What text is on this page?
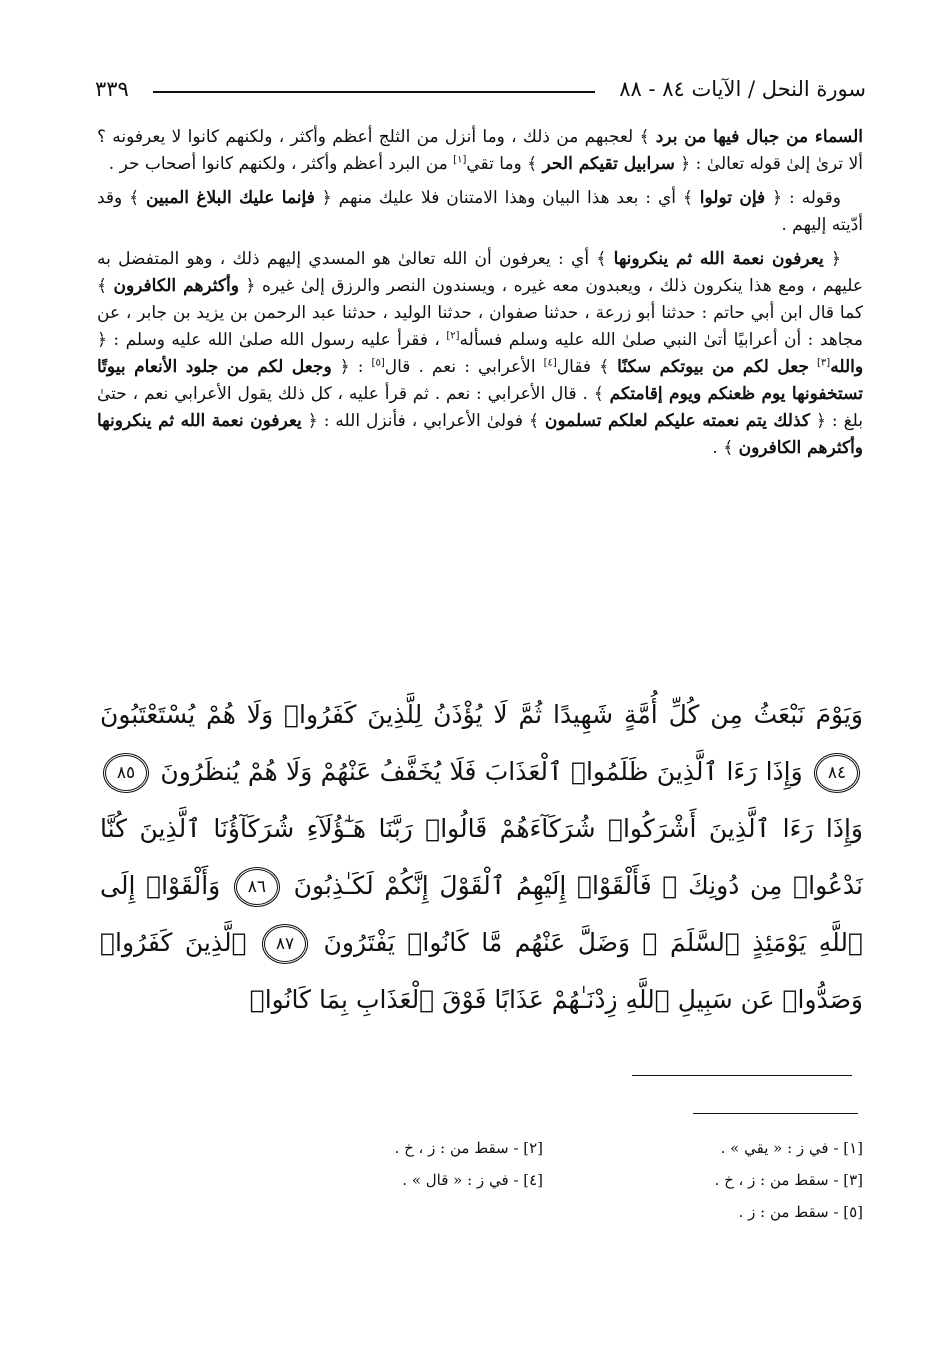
سورة النحل / الآيات ٨٤ - ٨٨
٣٣٩

السماء من جبال فيها من برد ﴾ لعجبهم من ذلك ، وما أنزل من الثلج أعظم وأكثر ، ولكنهم كانوا لا يعرفونه ؟ ألا ترىٰ إلىٰ قوله تعالىٰ : ﴿ سرابيل تقيكم الحر ﴾ وما تقي[١] من البرد أعظم وأكثر ، ولكنهم كانوا أصحاب حر .

وقوله : ﴿ فإن تولوا ﴾ أي : بعد هذا البيان وهذا الامتنان فلا عليك منهم ﴿ فإنما عليك البلاغ المبين ﴾ وقد أدّيته إليهم .

﴿ يعرفون نعمة الله ثم ينكرونها ﴾ أي : يعرفون أن الله تعالىٰ هو المسدي إليهم ذلك ، وهو المتفضل به عليهم ، ومع هذا ينكرون ذلك ، ويعبدون معه غيره ، ويسندون النصر والرزق إلىٰ غيره ﴿ وأكثرهم الكافرون ﴾ كما قال ابن أبي حاتم : حدثنا أبو زرعة ، حدثنا صفوان ، حدثنا الوليد ، حدثنا عبد الرحمن بن يزيد بن جابر ، عن مجاهد : أن أعرابيًا أتىٰ النبي صلىٰ الله عليه وسلم فسأله[٢] ، فقرأ عليه رسول الله صلىٰ الله عليه وسلم : ﴿ والله[٣] جعل لكم من بيوتكم سكنًا ﴾ فقال[٤] الأعرابي : نعم . قال[٥] : ﴿ وجعل لكم من جلود الأنعام بيوتًا تستخفونها يوم ظعنكم ويوم إقامتكم ﴾ . قال الأعرابي : نعم . ثم قرأ عليه ، كل ذلك يقول الأعرابي نعم ، حتىٰ بلغ : ﴿ كذلك يتم نعمته عليكم لعلكم تسلمون ﴾ فولىٰ الأعرابي ، فأنزل الله : ﴿ يعرفون نعمة الله ثم ينكرونها وأكثرهم الكافرون ﴾ .

وَيَوْمَ نَبْعَثُ مِن كُلِّ أُمَّةٍ شَهِيدًا ثُمَّ لَا يُؤْذَنُ لِلَّذِينَ كَفَرُوا۟ وَلَا هُمْ يُسْتَعْتَبُونَ ٨٤ وَإِذَا رَءَا ٱلَّذِينَ ظَلَمُوا۟ ٱلْعَذَابَ فَلَا يُخَفَّفُ عَنْهُمْ وَلَا هُمْ يُنظَرُونَ ٨٥ وَإِذَا رَءَا ٱلَّذِينَ أَشْرَكُوا۟ شُرَكَآءَهُمْ قَالُوا۟ رَبَّنَا هَـٰٓؤُلَآءِ شُرَكَآؤُنَا ٱلَّذِينَ كُنَّا نَدْعُوا۟ مِن دُونِكَ ۖ فَأَلْقَوْا۟ إِلَيْهِمُ ٱلْقَوْلَ إِنَّكُمْ لَكَـٰذِبُونَ ٨٦ وَأَلْقَوْا۟ إِلَى ٱللَّهِ يَوْمَئِذٍ ٱلسَّلَمَ ۖ وَضَلَّ عَنْهُم مَّا كَانُوا۟ يَفْتَرُونَ ٨٧ ٱلَّذِينَ كَفَرُوا۟ وَصَدُّوا۟ عَن سَبِيلِ ٱللَّهِ زِدْنَـٰهُمْ عَذَابًا فَوْقَ ٱلْعَذَابِ بِمَا كَانُوا۟
[١] - في ز : « يقي » .
[٢] - سقط من : ز ، خ .
[٣] - سقط من : ز ، خ .
[٤] - في ز : « قال » .
[٥] - سقط من : ز .
